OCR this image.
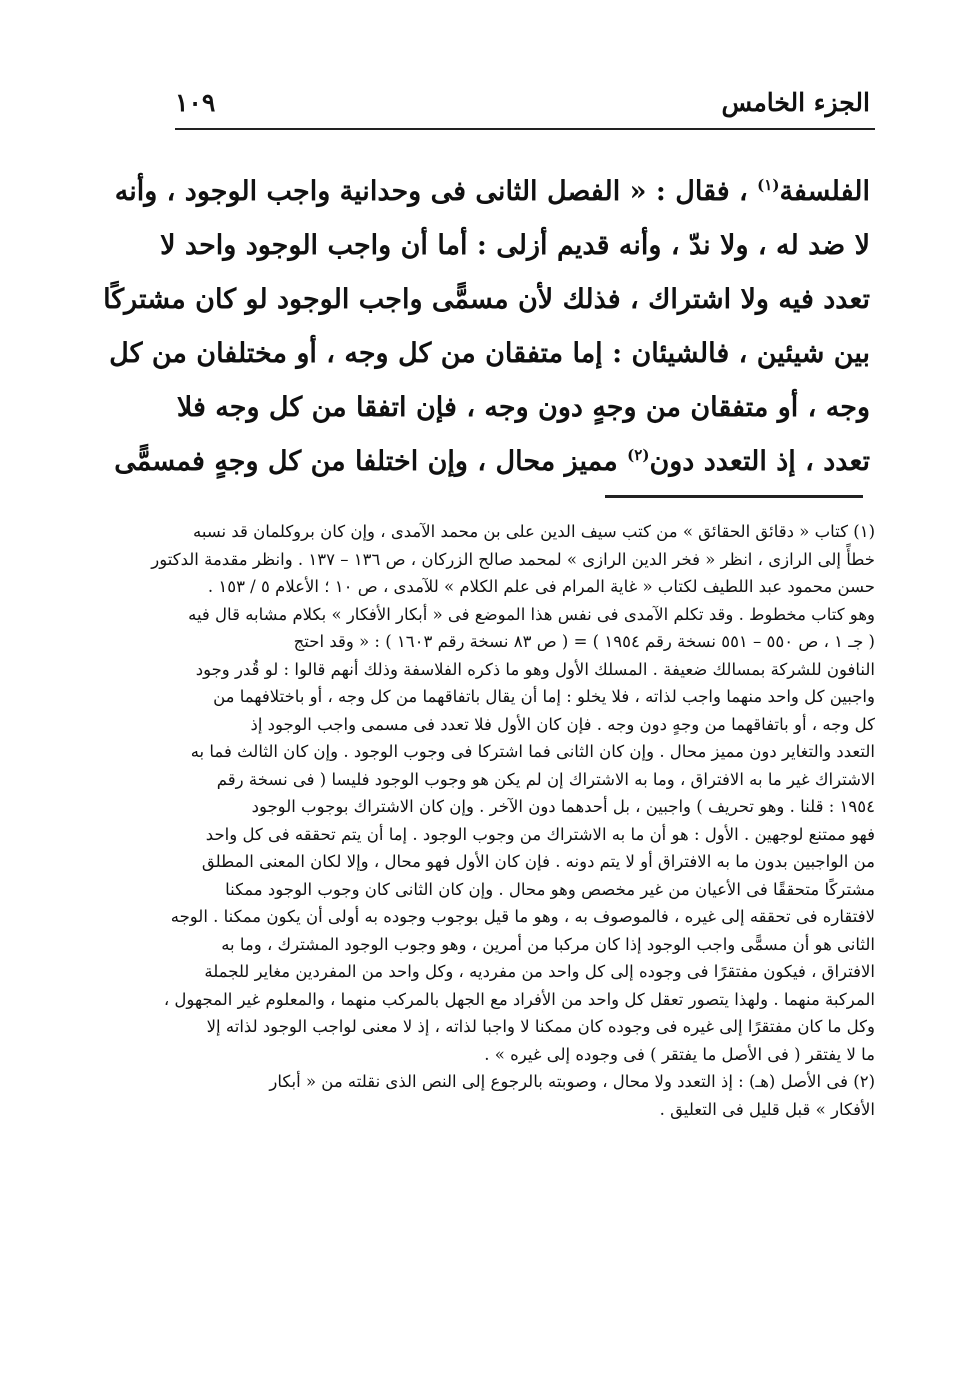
الجزء الخامس
١٠٩
الفلسفة$^{(١)}$ ، فقال : « الفصل الثانى فى وحدانية واجب الوجود ، وأنه
لا ضد له ، ولا ندّ ، وأنه قديم أزلى : أما أن واجب الوجود واحد لا
تعدد فيه ولا اشتراك ، فذلك لأن مسمًّى واجب الوجود لو كان مشتركًا
بين شيئين ، فالشيئان : إما متفقان من كل وجه ، أو مختلفان من كل
وجه ، أو متفقان من وجهٍ دون وجه ، فإن اتفقا من كل وجه فلا
تعدد ، إذ التعدد دون$^{(٢)}$ مميز محال ، وإن اختلفا من كل وجهٍ فمسمًّى
(١) كتاب « دقائق الحقائق » من كتب سيف الدين على بن محمد الآمدى ، وإن كان بروكلمان قد نسبه
خطأً إلى الرازى ، انظر « فخر الدين الرازى » لمحمد صالح الزركان ، ص ١٣٦ – ١٣٧ . وانظر مقدمة الدكتور
حسن محمود عبد اللطيف لكتاب « غاية المرام فى علم الكلام » للآمدى ، ص ١٠ ؛ الأعلام ٥ / ١٥٣ .
وهو كتاب مخطوط . وقد تكلم الآمدى فى نفس هذا الموضع فى « أبكار الأفكار » بكلام مشابه قال فيه
( جـ ١ ، ص ٥٥٠ – ٥٥١ نسخة رقم ١٩٥٤ ) = ( ص ٨٣ نسخة رقم ١٦٠٣ ) : « وقد احتج
النافون للشركة بمسالك ضعيفة . المسلك الأول وهو ما ذكره الفلاسفة وذلك أنهم قالوا : لو قُدر وجود
واجبين كل واحد منهما واجب لذاته ، فلا يخلو : إما أن يقال باتفاقهما من كل وجه ، أو باختلافهما من
كل وجه ، أو باتفاقهما من وجهٍ دون وجه . فإن كان الأول فلا تعدد فى مسمى واجب الوجود إذ
التعدد والتغاير دون مميز محال . وإن كان الثانى فما اشتركا فى وجوب الوجود . وإن كان الثالث فما به
الاشتراك غير ما به الافتراق ، وما به الاشتراك إن لم يكن هو وجوب الوجود فليسا ( فى نسخة رقم
١٩٥٤ : قلنا . وهو تحريف ) واجبين ، بل أحدهما دون الآخر . وإن كان الاشتراك بوجوب الوجود
فهو ممتنع لوجهين . الأول : هو أن ما به الاشتراك من وجوب الوجود . إما أن يتم تحققه فى كل واحد
من الواجبين بدون ما به الافتراق أو لا يتم دونه . فإن كان الأول فهو محال ، وإلا لكان المعنى المطلق
مشتركًا متحققًا فى الأعيان من غير مخصص وهو محال . وإن كان الثانى كان وجوب الوجود ممكنا
لافتقاره فى تحققه إلى غيره ، فالموصوف به ، وهو ما قيل بوجوب وجوده به أولى أن يكون ممكنا . الوجه
الثانى هو أن مسمًّى واجب الوجود إذا كان مركبا من أمرين ، وهو وجوب الوجود المشترك ، وما به
الافتراق ، فيكون مفتقرًا فى وجوده إلى كل واحد من مفرديه ، وكل واحد من المفردين مغاير للجملة
المركبة منهما . ولهذا يتصور تعقل كل واحد من الأفراد مع الجهل بالمركب منهما ، والمعلوم غير المجهول ،
وكل ما كان مفتقرًا إلى غيره فى وجوده كان ممكنا لا واجبا لذاته ، إذ لا معنى لواجب الوجود لذاته إلا
ما لا يفتقر ( فى الأصل ما يفتقر ) فى وجوده إلى غيره » .
(٢) فى الأصل (هـ) : إذ التعدد ولا محال ، وصوبته بالرجوع إلى النص الذى نقلته من « أبكار
الأفكار » قبل قليل فى التعليق .
